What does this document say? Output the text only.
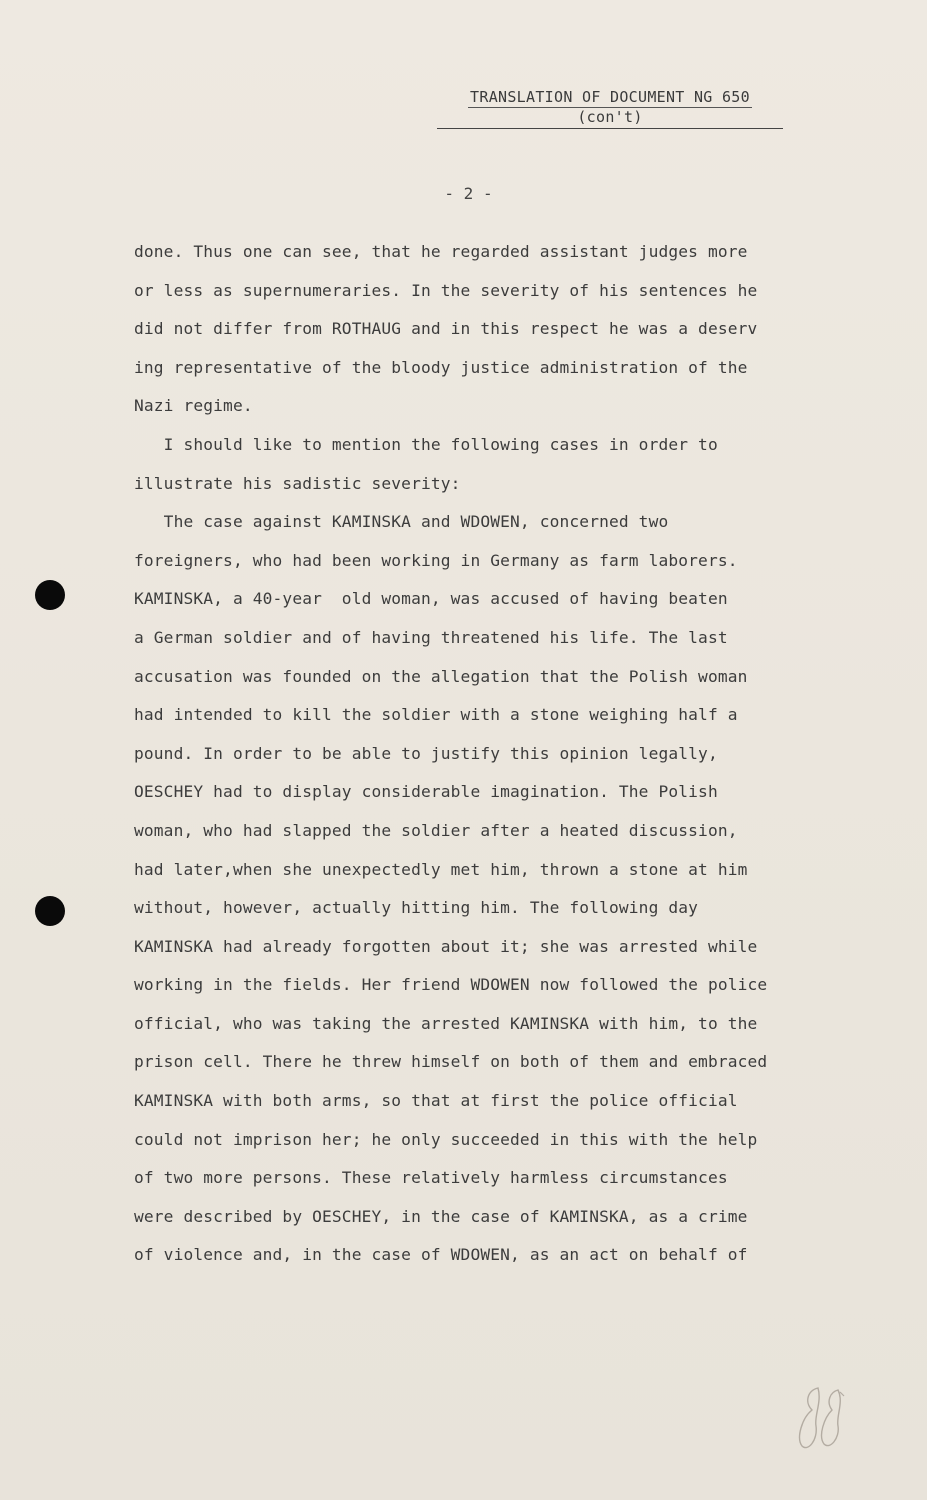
TRANSLATION OF DOCUMENT NG 650
(con't)
- 2 -
done. Thus one can see, that he regarded assistant judges more
or less as supernumeraries. In the severity of his sentences he
did not differ from ROTHAUG and in this respect he was a deserv
ing representative of the bloody justice administration of the
Nazi regime.
I should like to mention the following cases in order to
illustrate his sadistic severity:
The case against KAMINSKA and WDOWEN, concerned two
foreigners, who had been working in Germany as farm laborers.
KAMINSKA, a 40-year  old woman, was accused of having beaten
a German soldier and of having threatened his life. The last
accusation was founded on the allegation that the Polish woman
had intended to kill the soldier with a stone weighing half a
pound. In order to be able to justify this opinion legally,
OESCHEY had to display considerable imagination. The Polish
woman, who had slapped the soldier after a heated discussion,
had later,when she unexpectedly met him, thrown a stone at him
without, however, actually hitting him. The following day
KAMINSKA had already forgotten about it; she was arrested while
working in the fields. Her friend WDOWEN now followed the police
official, who was taking the arrested KAMINSKA with him, to the
prison cell. There he threw himself on both of them and embraced
KAMINSKA with both arms, so that at first the police official
could not imprison her; he only succeeded in this with the help
of two more persons. These relatively harmless circumstances
were described by OESCHEY, in the case of KAMINSKA, as a crime
of violence and, in the case of WDOWEN, as an act on behalf of
